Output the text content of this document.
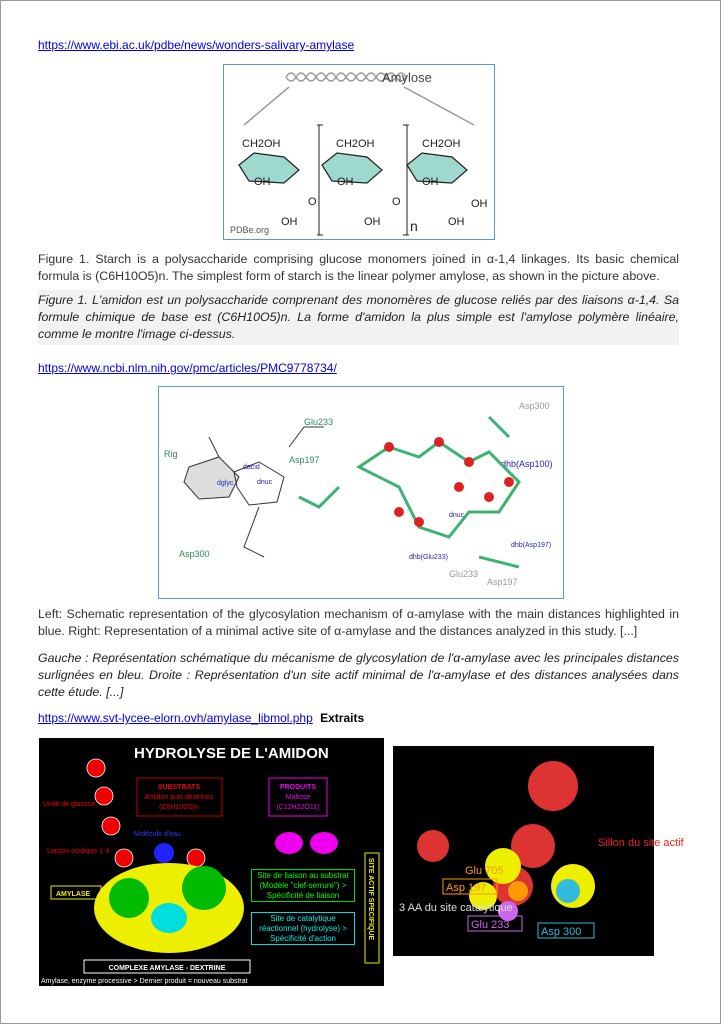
https://www.ebi.ac.uk/pdbe/news/wonders-salivary-amylase
Amylose
CH2OH	CH2OH	CH2OH
OH	OH	OH
OH	OH	OH
OH
O	O
n
PDBe.org
Figure 1. Starch is a polysaccharide comprising glucose monomers joined in α-1,4 linkages. Its basic chemical formula is (C6H10O5)n. The simplest form of starch is the linear polymer amylose, as shown in the picture above.
Figure 1. L'amidon est un polysaccharide comprenant des monomères de glucose reliés par des liaisons α-1,4. Sa formule chimique de base est (C6H10O5)n. La forme d'amidon la plus simple est l'amylose polymère linéaire, comme le montre l'image ci-dessus.
https://www.ncbi.nlm.nih.gov/pmc/articles/PMC9778734/
Glu233
Asp197
Asp300
Rig
dacid
dnuc
dglyc
dhb(Asp100)
dhb(Asp197)
dnuc
dhb(Glu233)
Asp300
Glu233
Asp197
Left: Schematic representation of the glycosylation mechanism of α-amylase with the main distances highlighted in blue. Right: Representation of a minimal active site of α-amylase and the distances analyzed in this study. [...]
Gauche : Représentation schématique du mécanisme de glycosylation de l'α-amylase avec les principales distances surlignées en bleu. Droite : Représentation d'un site actif minimal de l'α-amylase et des distances analysées dans cette étude. [...]
https://www.svt-lycee-elorn.ovh/amylase_libmol.php Extraits
HYDROLYSE DE L'AMIDON
SUBSTRATS
Amidon puis dextrines
(C6H10O5)n
PRODUITS
Maltose
(C12H22O11)
Unité de glucose
Liaison osidique 1-4
Molécule d'eau
AMYLASE	SITE ACTIF SPECIFIQUE
COMPLEXE AMYLASE - DEXTRINE
Amylase, enzyme processive > Dernier produit = nouveau substrat
Site de liaison au substrat (Modèle "clef-serrure") > Spécificité de liaison
Site de catalytique réactionnel (hydrolyse) > Spécificité d'action
Sillon du site actif
Glu 705
Asp 197
Glu 233
Asp 300
3 AA du site catalytique
